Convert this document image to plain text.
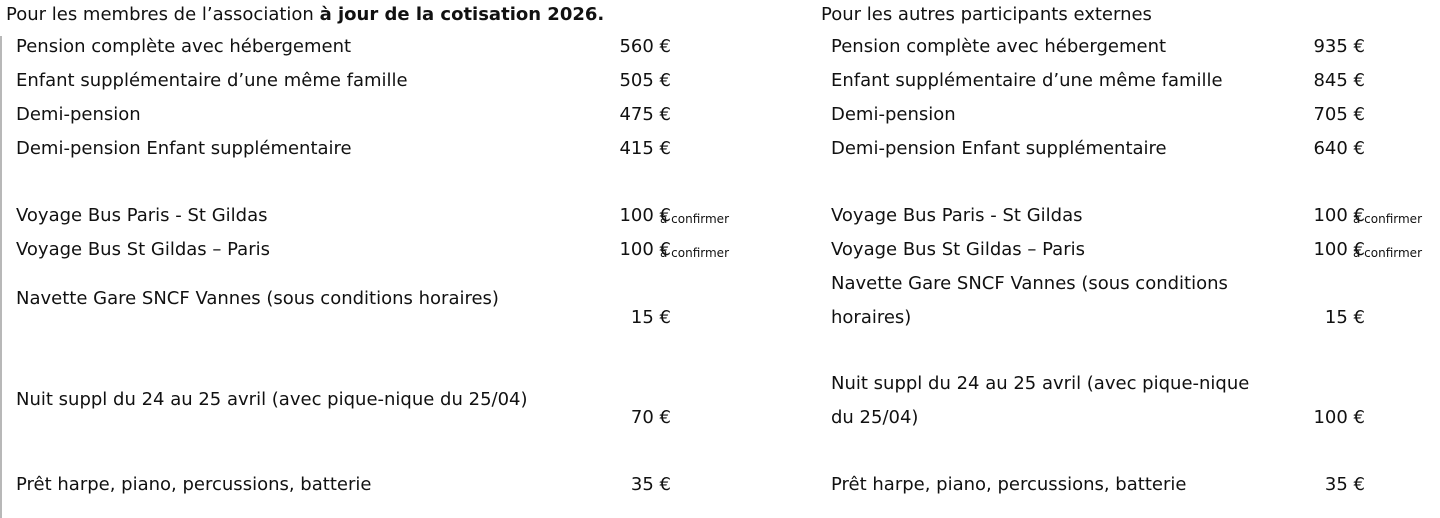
Pour les membres de l’association à jour de la cotisation 2026.
Pension complète avec hébergement	560 €
Enfant supplémentaire d’une même famille	505 €
Demi-pension	475 €
Demi-pension Enfant supplémentaire	415 €
Voyage Bus Paris - St Gildas	100 €
à confirmer
Voyage Bus St Gildas – Paris	100 €
à confirmer
Navette Gare SNCF Vannes (sous conditions horaires)
15 €
Nuit suppl du 24 au 25 avril (avec pique-nique du 25/04)
70 €
Prêt harpe, piano, percussions, batterie	35 €
Pour les autres participants externes
Pension complète avec hébergement	935 €
Enfant supplémentaire d’une même famille	845 €
Demi-pension	705 €
Demi-pension Enfant supplémentaire	640 €
Voyage Bus Paris - St Gildas	100 €
à confirmer
Voyage Bus St Gildas – Paris	100 €
à confirmer
Navette Gare SNCF Vannes (sous conditions horaires)	15 €
Nuit suppl du 24 au 25 avril (avec pique-nique du 25/04)	100 €
Prêt harpe, piano, percussions, batterie	35 €
